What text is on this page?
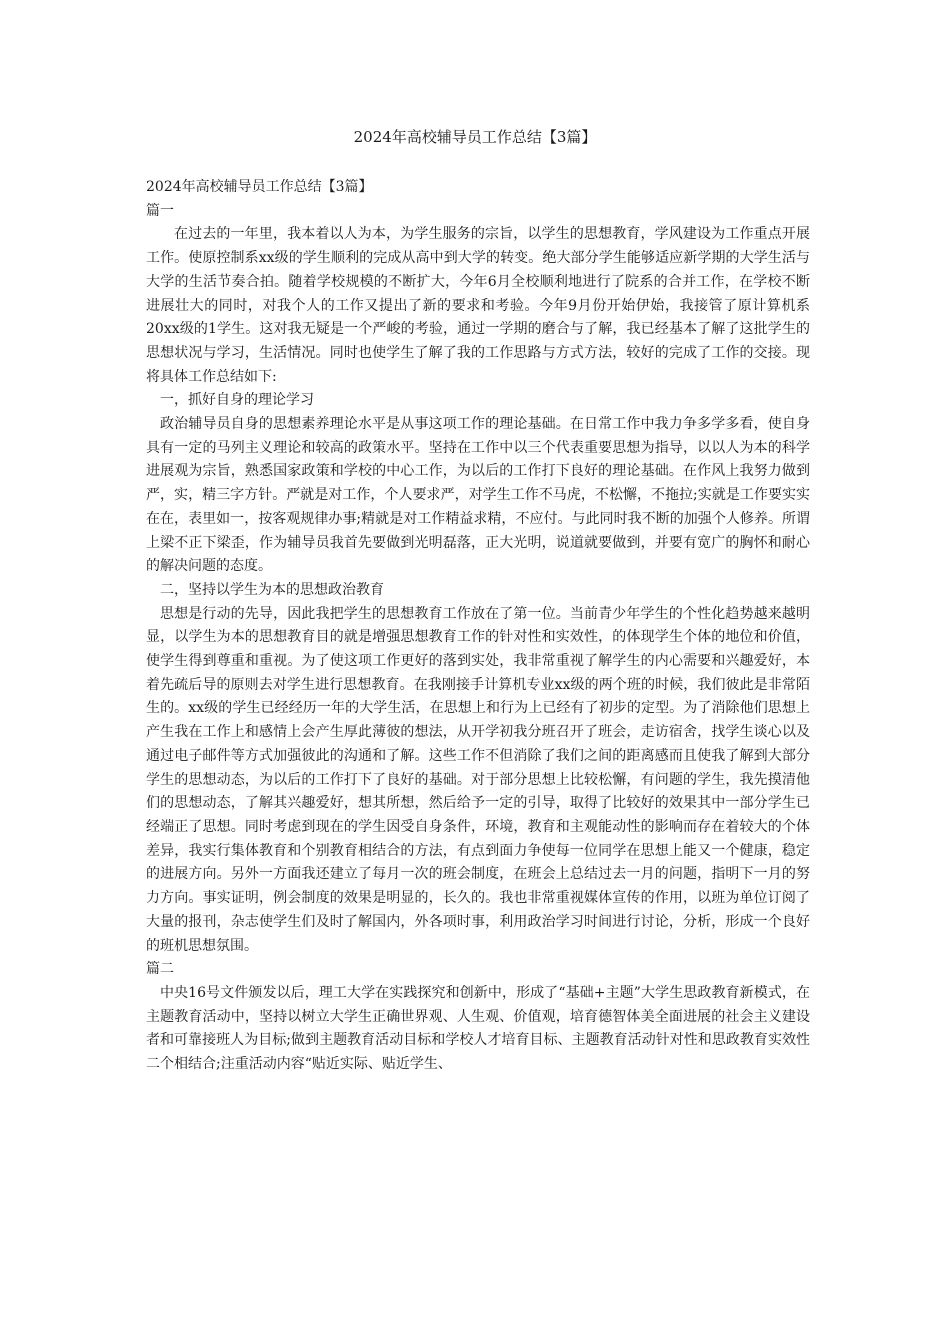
2024年高校辅导员工作总结【3篇】

2024年高校辅导员工作总结【3篇】

篇一

在过去的一年里，我本着以人为本，为学生服务的宗旨，以学生的思想教育，学风建设为工作重点开展工作。使原控制系xx级的学生顺利的完成从高中到大学的转变。绝大部分学生能够适应新学期的大学生活与大学的生活节奏合拍。随着学校规模的不断扩大，今年6月全校顺利地进行了院系的合并工作，在学校不断进展壮大的同时，对我个人的工作又提出了新的要求和考验。今年9月份开始伊始，我接管了原计算机系20xx级的1学生。这对我无疑是一个严峻的考验，通过一学期的磨合与了解，我已经基本了解了这批学生的思想状况与学习，生活情况。同时也使学生了解了我的工作思路与方式方法，较好的完成了工作的交接。现将具体工作总结如下:

一，抓好自身的理论学习

政治辅导员自身的思想素养理论水平是从事这项工作的理论基础。在日常工作中我力争多学多看，使自身具有一定的马列主义理论和较高的政策水平。坚持在工作中以三个代表重要思想为指导，以以人为本的科学进展观为宗旨，熟悉国家政策和学校的中心工作，为以后的工作打下良好的理论基础。在作风上我努力做到严，实，精三字方针。严就是对工作，个人要求严，对学生工作不马虎，不松懈，不拖拉;实就是工作要实实在在，表里如一，按客观规律办事;精就是对工作精益求精，不应付。与此同时我不断的加强个人修养。所谓上梁不正下梁歪，作为辅导员我首先要做到光明磊落，正大光明，说道就要做到，并要有宽广的胸怀和耐心的解决问题的态度。

二，坚持以学生为本的思想政治教育

思想是行动的先导，因此我把学生的思想教育工作放在了第一位。当前青少年学生的个性化趋势越来越明显，以学生为本的思想教育目的就是增强思想教育工作的针对性和实效性，的体现学生个体的地位和价值，使学生得到尊重和重视。为了使这项工作更好的落到实处，我非常重视了解学生的内心需要和兴趣爱好，本着先疏后导的原则去对学生进行思想教育。在我刚接手计算机专业xx级的两个班的时候，我们彼此是非常陌生的。xx级的学生已经经历一年的大学生活，在思想上和行为上已经有了初步的定型。为了消除他们思想上产生我在工作上和感情上会产生厚此薄彼的想法，从开学初我分班召开了班会，走访宿舍，找学生谈心以及通过电子邮件等方式加强彼此的沟通和了解。这些工作不但消除了我们之间的距离感而且使我了解到大部分学生的思想动态，为以后的工作打下了良好的基础。对于部分思想上比较松懈，有问题的学生，我先摸清他们的思想动态，了解其兴趣爱好，想其所想，然后给予一定的引导，取得了比较好的效果其中一部分学生已经端正了思想。同时考虑到现在的学生因受自身条件，环境，教育和主观能动性的影响而存在着较大的个体差异，我实行集体教育和个别教育相结合的方法，有点到面力争使每一位同学在思想上能又一个健康，稳定的进展方向。另外一方面我还建立了每月一次的班会制度，在班会上总结过去一月的问题，指明下一月的努力方向。事实证明，例会制度的效果是明显的，长久的。我也非常重视媒体宣传的作用，以班为单位订阅了大量的报刊，杂志使学生们及时了解国内，外各项时事，利用政治学习时间进行讨论，分析，形成一个良好的班机思想氛围。

篇二

中央16号文件颁发以后，理工大学在实践探究和创新中，形成了“基础+主题”大学生思政教育新模式，在主题教育活动中，坚持以树立大学生正确世界观、人生观、价值观，培育德智体美全面进展的社会主义建设者和可靠接班人为目标;做到主题教育活动目标和学校人才培育目标、主题教育活动针对性和思政教育实效性二个相结合;注重活动内容“贴近实际、贴近学生、
